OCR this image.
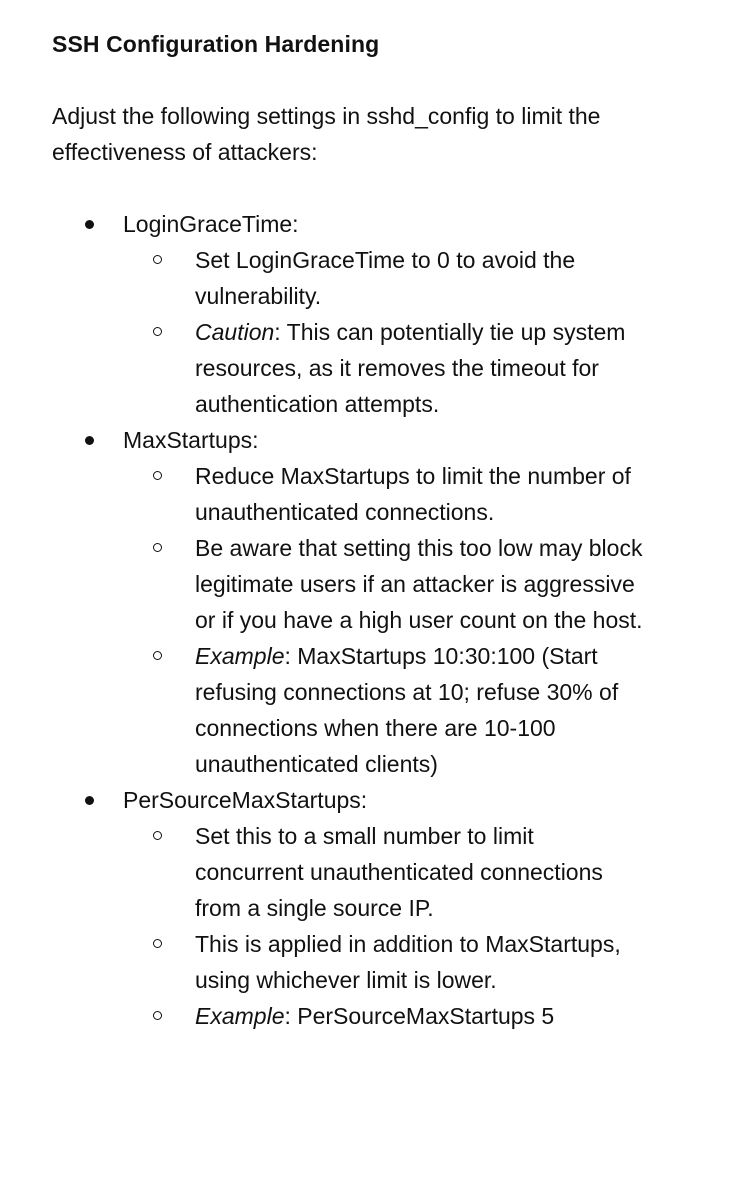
SSH Configuration Hardening

Adjust the following settings in sshd_config to limit the effectiveness of attackers:

LoginGraceTime:
Set LoginGraceTime to 0 to avoid the vulnerability.
Caution: This can potentially tie up system resources, as it removes the timeout for authentication attempts.
MaxStartups:
Reduce MaxStartups to limit the number of unauthenticated connections.
Be aware that setting this too low may block legitimate users if an attacker is aggressive or if you have a high user count on the host.
Example: MaxStartups 10:30:100 (Start refusing connections at 10; refuse 30% of connections when there are 10-100 unauthenticated clients)
PerSourceMaxStartups:
Set this to a small number to limit concurrent unauthenticated connections from a single source IP.
This is applied in addition to MaxStartups, using whichever limit is lower.
Example: PerSourceMaxStartups 5
